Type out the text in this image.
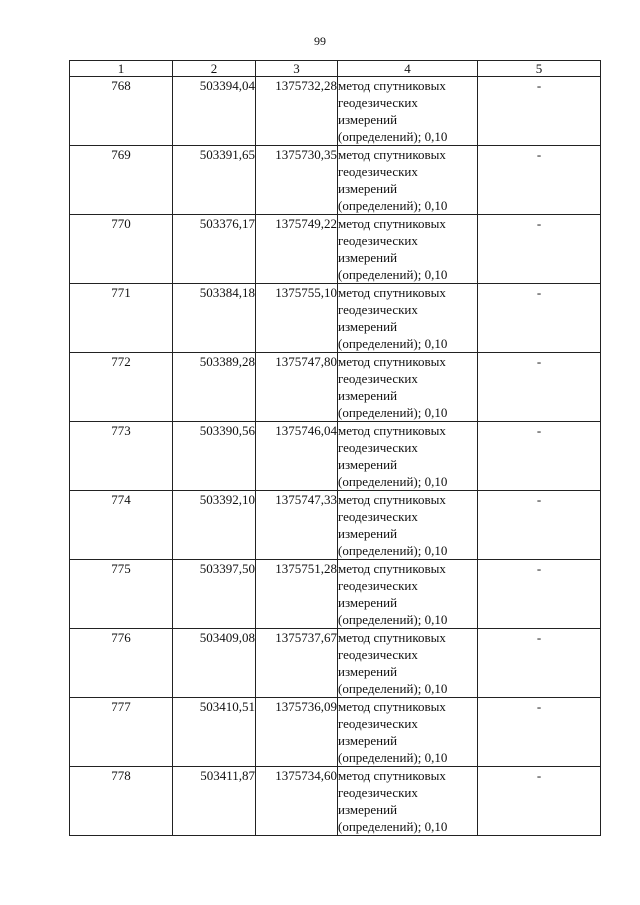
99
1	2	3	4	5
768	503394,04	1375732,28	метод спутниковых
геодезических
измерений
(определений); 0,10	-
769	503391,65	1375730,35	метод спутниковых
геодезических
измерений
(определений); 0,10	-
770	503376,17	1375749,22	метод спутниковых
геодезических
измерений
(определений); 0,10	-
771	503384,18	1375755,10	метод спутниковых
геодезических
измерений
(определений); 0,10	-
772	503389,28	1375747,80	метод спутниковых
геодезических
измерений
(определений); 0,10	-
773	503390,56	1375746,04	метод спутниковых
геодезических
измерений
(определений); 0,10	-
774	503392,10	1375747,33	метод спутниковых
геодезических
измерений
(определений); 0,10	-
775	503397,50	1375751,28	метод спутниковых
геодезических
измерений
(определений); 0,10	-
776	503409,08	1375737,67	метод спутниковых
геодезических
измерений
(определений); 0,10	-
777	503410,51	1375736,09	метод спутниковых
геодезических
измерений
(определений); 0,10	-
778	503411,87	1375734,60	метод спутниковых
геодезических
измерений
(определений); 0,10	-
